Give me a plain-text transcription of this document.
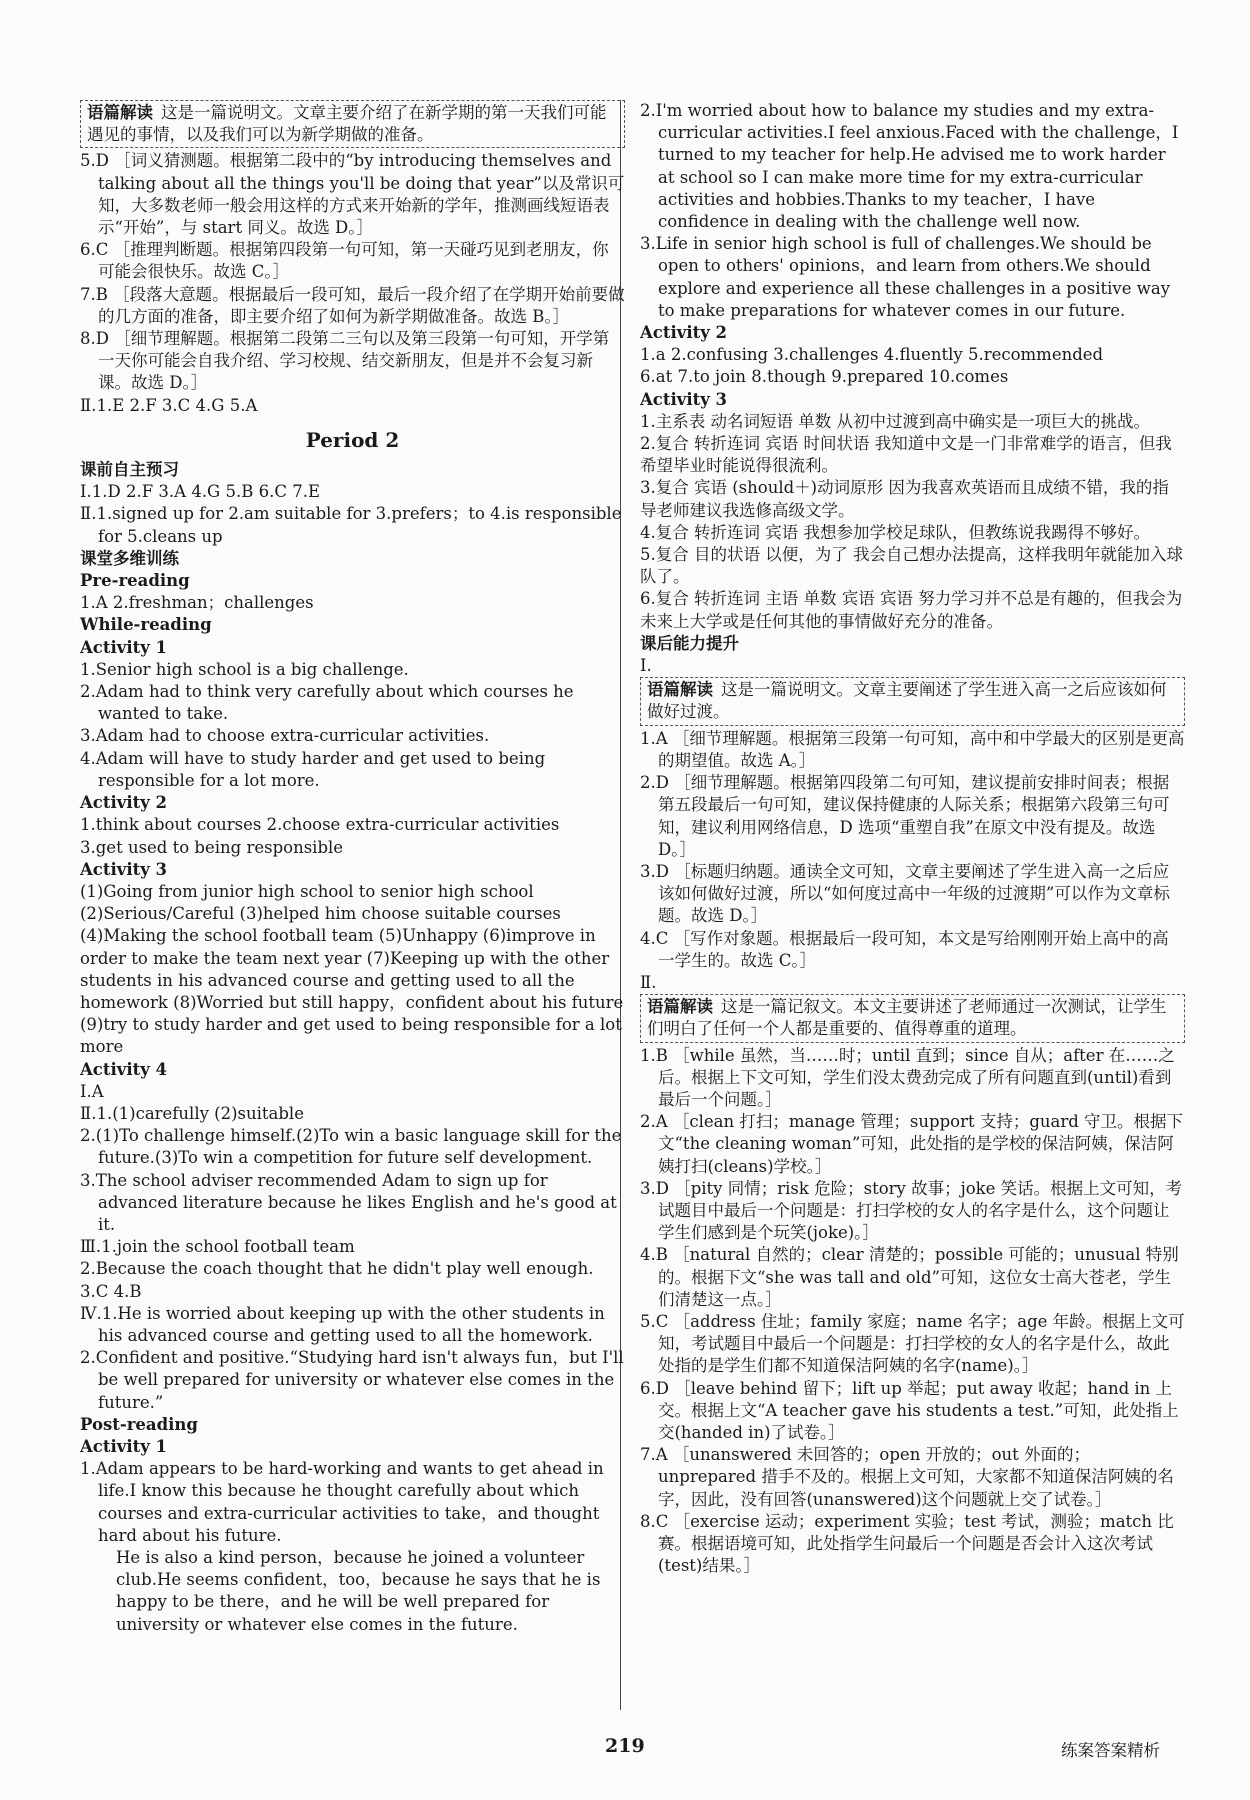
语篇解读 这是一篇说明文。文章主要介绍了在新学期的第一天我们可能遇见的事情，以及我们可以为新学期做的准备。

5.D ［词义猜测题。根据第二段中的“by introducing themselves and talking about all the things you'll be doing that year”以及常识可知，大多数老师一般会用这样的方式来开始新的学年，推测画线短语表示“开始”，与 start 同义。故选 D。］

6.C ［推理判断题。根据第四段第一句可知，第一天碰巧见到老朋友，你可能会很快乐。故选 C。］

7.B ［段落大意题。根据最后一段可知，最后一段介绍了在学期开始前要做的几方面的准备，即主要介绍了如何为新学期做准备。故选 B。］

8.D ［细节理解题。根据第二段第二三句以及第三段第一句可知，开学第一天你可能会自我介绍、学习校规、结交新朋友，但是并不会复习新课。故选 D。］

Ⅱ.1.E 2.F 3.C 4.G 5.A

Period 2

课前自主预习

Ⅰ.1.D 2.F 3.A 4.G 5.B 6.C 7.E

Ⅱ.1.signed up for 2.am suitable for 3.prefers；to 4.is responsible for 5.cleans up

课堂多维训练

Pre-reading

1.A 2.freshman；challenges

While-reading

Activity 1

1.Senior high school is a big challenge.

2.Adam had to think very carefully about which courses he wanted to take.

3.Adam had to choose extra-curricular activities.

4.Adam will have to study harder and get used to being responsible for a lot more.

Activity 2

1.think about courses 2.choose extra-curricular activities

3.get used to being responsible

Activity 3

(1)Going from junior high school to senior high school (2)Serious/Careful (3)helped him choose suitable courses (4)Making the school football team (5)Unhappy (6)improve in order to make the team next year (7)Keeping up with the other students in his advanced course and getting used to all the homework (8)Worried but still happy，confident about his future (9)try to study harder and get used to being responsible for a lot more

Activity 4

Ⅰ.A

Ⅱ.1.(1)carefully (2)suitable

2.(1)To challenge himself.(2)To win a basic language skill for the future.(3)To win a competition for future self development.

3.The school adviser recommended Adam to sign up for advanced literature because he likes English and he's good at it.

Ⅲ.1.join the school football team

2.Because the coach thought that he didn't play well enough.

3.C 4.B

Ⅳ.1.He is worried about keeping up with the other students in his advanced course and getting used to all the homework.

2.Confident and positive.“Studying hard isn't always fun，but I'll be well prepared for university or whatever else comes in the future.”

Post-reading

Activity 1

1.Adam appears to be hard-working and wants to get ahead in life.I know this because he thought carefully about which courses and extra-curricular activities to take，and thought hard about his future.

He is also a kind person，because he joined a volunteer club.He seems confident，too，because he says that he is happy to be there，and he will be well prepared for university or whatever else comes in the future.

2.I'm worried about how to balance my studies and my extra-curricular activities.I feel anxious.Faced with the challenge，I turned to my teacher for help.He advised me to work harder at school so I can make more time for my extra-curricular activities and hobbies.Thanks to my teacher，I have confidence in dealing with the challenge well now.

3.Life in senior high school is full of challenges.We should be open to others' opinions，and learn from others.We should explore and experience all these challenges in a positive way to make preparations for whatever comes in our future.

Activity 2

1.a 2.confusing 3.challenges 4.fluently 5.recommended

6.at 7.to join 8.though 9.prepared 10.comes

Activity 3

1.主系表 动名词短语 单数 从初中过渡到高中确实是一项巨大的挑战。

2.复合 转折连词 宾语 时间状语 我知道中文是一门非常难学的语言，但我希望毕业时能说得很流利。

3.复合 宾语 (should＋)动词原形 因为我喜欢英语而且成绩不错，我的指导老师建议我选修高级文学。

4.复合 转折连词 宾语 我想参加学校足球队，但教练说我踢得不够好。

5.复合 目的状语 以便，为了 我会自己想办法提高，这样我明年就能加入球队了。

6.复合 转折连词 主语 单数 宾语 宾语 努力学习并不总是有趣的，但我会为未来上大学或是任何其他的事情做好充分的准备。

课后能力提升

Ⅰ.

语篇解读 这是一篇说明文。文章主要阐述了学生进入高一之后应该如何做好过渡。

1.A ［细节理解题。根据第三段第一句可知，高中和中学最大的区别是更高的期望值。故选 A。］

2.D ［细节理解题。根据第四段第二句可知，建议提前安排时间表；根据第五段最后一句可知，建议保持健康的人际关系；根据第六段第三句可知，建议利用网络信息，D 选项“重塑自我”在原文中没有提及。故选 D。］

3.D ［标题归纳题。通读全文可知，文章主要阐述了学生进入高一之后应该如何做好过渡，所以“如何度过高中一年级的过渡期”可以作为文章标题。故选 D。］

4.C ［写作对象题。根据最后一段可知，本文是写给刚刚开始上高中的高一学生的。故选 C。］

Ⅱ.

语篇解读 这是一篇记叙文。本文主要讲述了老师通过一次测试，让学生们明白了任何一个人都是重要的、值得尊重的道理。

1.B ［while 虽然，当……时；until 直到；since 自从；after 在……之后。根据上下文可知，学生们没太费劲完成了所有问题直到(until)看到最后一个问题。］

2.A ［clean 打扫；manage 管理；support 支持；guard 守卫。根据下文“the cleaning woman”可知，此处指的是学校的保洁阿姨，保洁阿姨打扫(cleans)学校。］

3.D ［pity 同情；risk 危险；story 故事；joke 笑话。根据上文可知，考试题目中最后一个问题是：打扫学校的女人的名字是什么，这个问题让学生们感到是个玩笑(joke)。］

4.B ［natural 自然的；clear 清楚的；possible 可能的；unusual 特别的。根据下文“she was tall and old”可知，这位女士高大苍老，学生们清楚这一点。］

5.C ［address 住址；family 家庭；name 名字；age 年龄。根据上文可知，考试题目中最后一个问题是：打扫学校的女人的名字是什么，故此处指的是学生们都不知道保洁阿姨的名字(name)。］

6.D ［leave behind 留下；lift up 举起；put away 收起；hand in 上交。根据上文“A teacher gave his students a test.”可知，此处指上交(handed in)了试卷。］

7.A ［unanswered 未回答的；open 开放的；out 外面的；unprepared 措手不及的。根据上文可知，大家都不知道保洁阿姨的名字，因此，没有回答(unanswered)这个问题就上交了试卷。］

8.C ［exercise 运动；experiment 实验；test 考试，测验；match 比赛。根据语境可知，此处指学生问最后一个问题是否会计入这次考试(test)结果。］

219	练案答案精析
